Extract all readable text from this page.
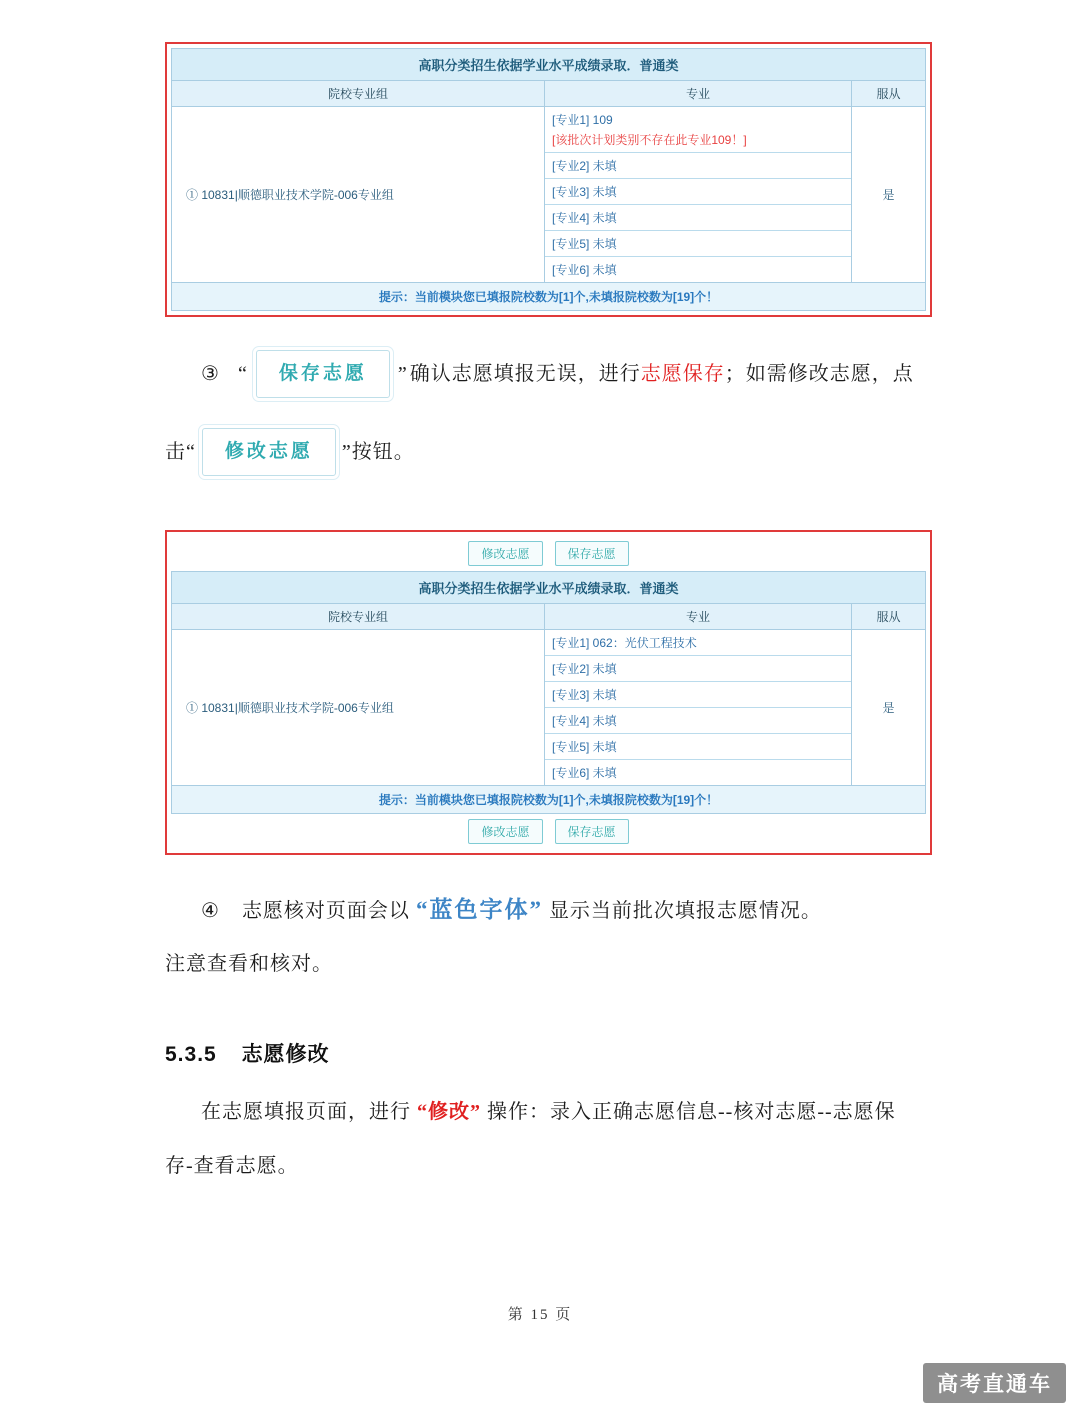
高职分类招生依据学业水平成绩录取．普通类
院校专业组	专业	服从
① 10831|顺德职业技术学院-006专业组
[专业1] 109
[该批次计划类别不存在此专业109！]
[专业2] 未填
[专业3] 未填
[专业4] 未填
[专业5] 未填
[专业6] 未填
是
提示：当前模块您已填报院校数为[1]个,未填报院校数为[19]个！
③ “	保存志愿	” 确认志愿填报无误，进行 志愿保存 ；如需修改志愿，点
击“	修改志愿	”按钮。
修改志愿	保存志愿
高职分类招生依据学业水平成绩录取．普通类
院校专业组	专业	服从
① 10831|顺德职业技术学院-006专业组
[专业1] 062：光伏工程技术
[专业2] 未填
[专业3] 未填
[专业4] 未填
[专业5] 未填
[专业6] 未填
是
提示：当前模块您已填报院校数为[1]个,未填报院校数为[19]个！
修改志愿	保存志愿
④ 志愿核对页面会以 “蓝色字体” 显示当前批次填报志愿情况。
注意查看和核对。
5.3.5 志愿修改
在志愿填报页面，进行 “修改” 操作：录入正确志愿信息--核对志愿--志愿保
存-查看志愿。
第 15 页
高考直通车
